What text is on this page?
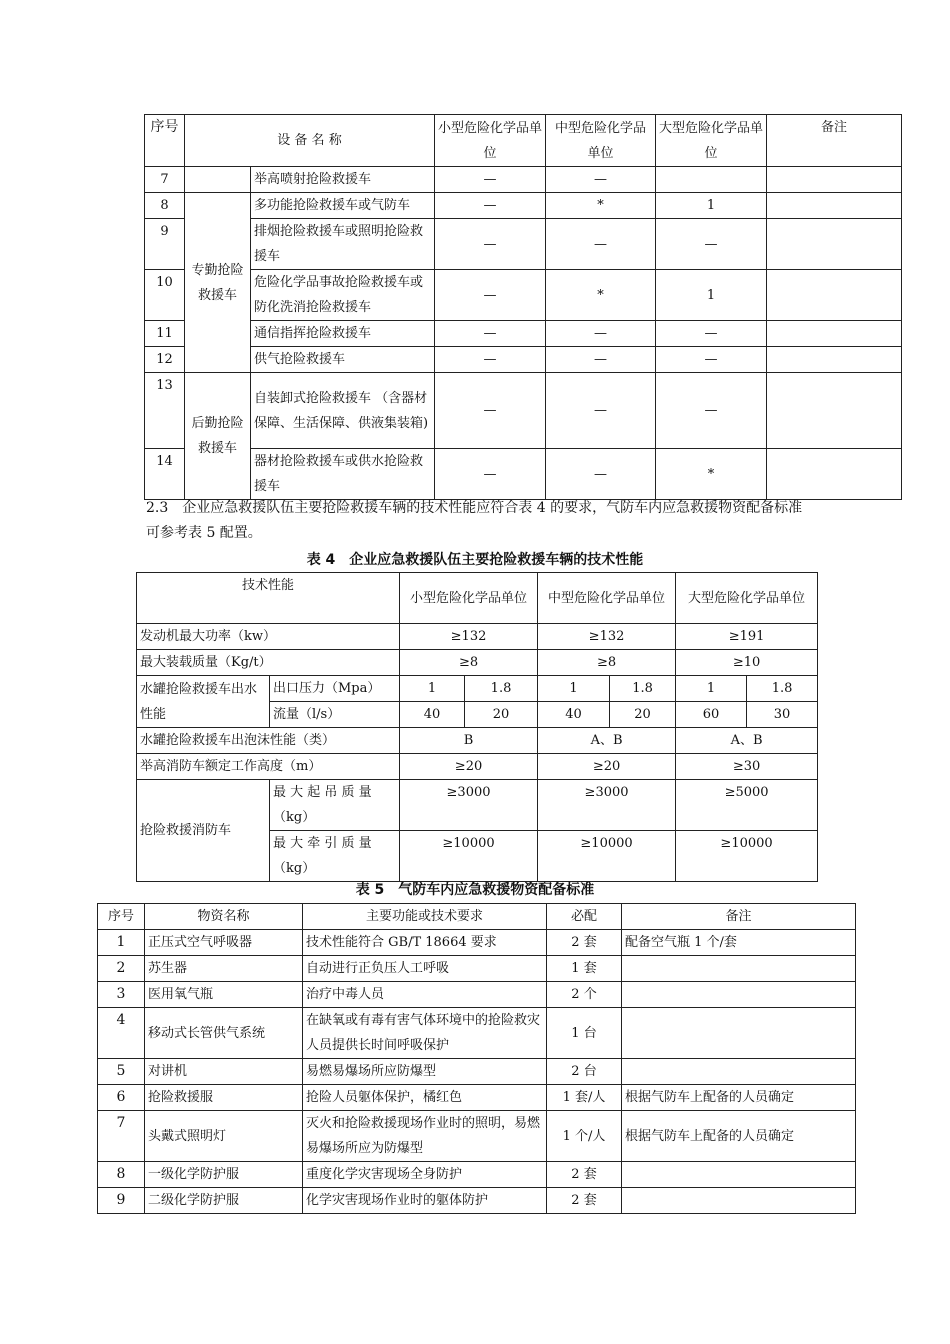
序号	设 备 名 称		小型危险化学品单位	中型危险化学品单位	大型危险化学品单位	备注
7		举高喷射抢险救援车	—	—		
8	专勤抢险救援车	多功能抢险救援车或气防车	—	*	1	
9		排烟抢险救援车或照明抢险救援车	—	—	—	
10		危险化学品事故抢险救援车或防化洗消抢险救援车	—	*	1	
11		通信指挥抢险救援车	—	—	—	
12		供气抢险救援车	—	—	—	
13	后勤抢险救援车	自装卸式抢险救援车 （含器材保障、生活保障、供液集装箱)	—	—	—	
14		器材抢险救援车或供水抢险救援车	—	—	*	
2.3　企业应急救援队伍主要抢险救援车辆的技术性能应符合表 4 的要求，气防车内应急救援物资配备标准可参考表 5 配置。
表 4　企业应急救援队伍主要抢险救援车辆的技术性能
技术性能		小型危险化学品单位		中型危险化学品单位		大型危险化学品单位	
发动机最大功率（kw）		≥132		≥132		≥191	
最大装载质量（Kg/t）		≥8		≥8		≥10	
水罐抢险救援车出水性能	出口压力（Mpa）	1	1.8	1	1.8	1	1.8
	流量（l/s）	40	20	40	20	60	30
水罐抢险救援车出泡沫性能（类）		B		A、B		A、B	
举高消防车额定工作高度（m）		≥20		≥20		≥30	
抢险救援消防车	最 大 起 吊 质 量（kg）	≥3000		≥3000		≥5000	
	最 大 牵 引 质 量（kg）	≥10000		≥10000		≥10000	
表 5　气防车内应急救援物资配备标准
序号	物资名称	主要功能或技术要求	必配	备注
1	正压式空气呼吸器	技术性能符合 GB/T 18664 要求	2 套	配备空气瓶 1 个/套
2	苏生器	自动进行正负压人工呼吸	1 套	
3	医用氧气瓶	治疗中毒人员	2 个	
4	移动式长管供气系统	在缺氧或有毒有害气体环境中的抢险救灾人员提供长时间呼吸保护	1 台	
5	对讲机	易燃易爆场所应防爆型	2 台	
6	抢险救援服	抢险人员躯体保护，橘红色	1 套/人	根据气防车上配备的人员确定
7	头戴式照明灯	灭火和抢险救援现场作业时的照明，易燃易爆场所应为防爆型	1 个/人	根据气防车上配备的人员确定
8	一级化学防护服	重度化学灾害现场全身防护	2 套	
9	二级化学防护服	化学灾害现场作业时的躯体防护	2 套	
